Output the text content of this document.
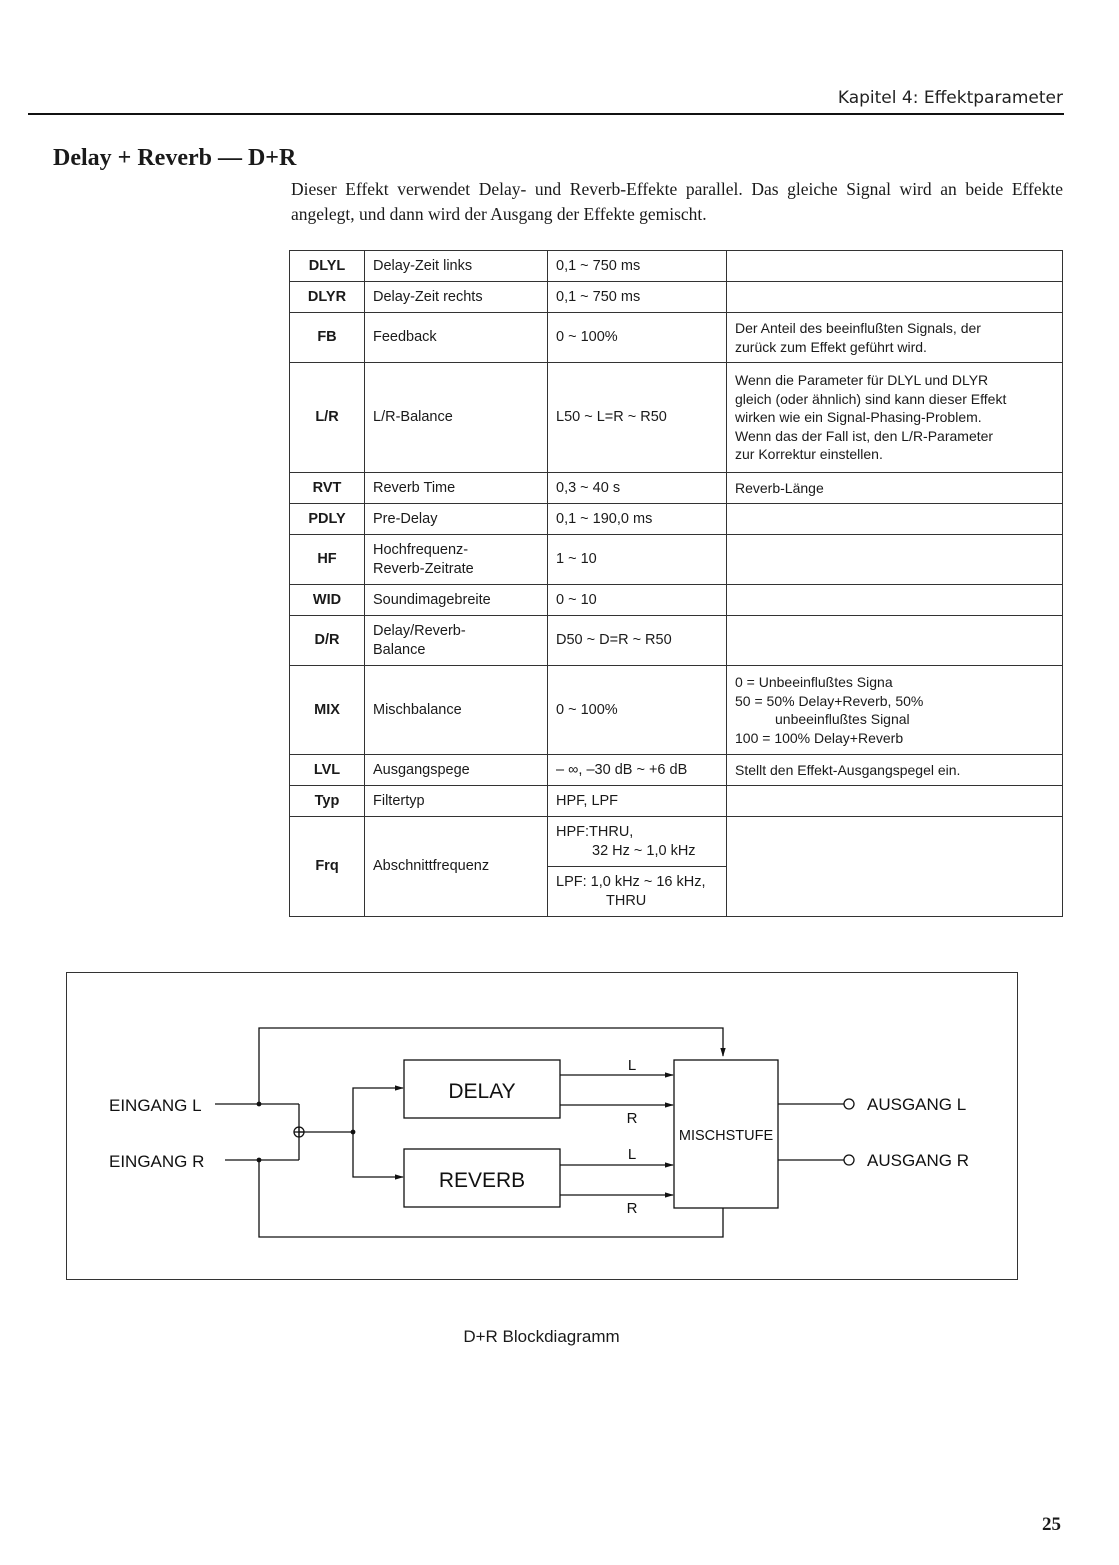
Kapitel 4: Effektparameter
Delay + Reverb — D+R

Dieser Effekt verwendet Delay- und Reverb-Effekte parallel. Das gleiche Signal wird an beide Effekte angelegt, und dann wird der Ausgang der Effekte gemischt.

DLYL	Delay-Zeit links	0,1 ~ 750 ms	

DLYR	Delay-Zeit rechts	0,1 ~ 750 ms	

FB	Feedback	0 ~ 100%	Der Anteil des beeinflußten Signals, der
zurück zum Effekt geführt wird.

L/R	L/R-Balance	L50 ~ L=R ~ R50	Wenn die Parameter für DLYL und DLYR
gleich (oder ähnlich) sind kann dieser Effekt
wirken wie ein Signal-Phasing-Problem.
Wenn das der Fall ist, den L/R-Parameter
zur Korrektur einstellen.

RVT	Reverb Time	0,3 ~ 40 s	Reverb-Länge

PDLY	Pre-Delay	0,1 ~ 190,0 ms	

HF	Hochfrequenz-
Reverb-Zeitrate	1 ~ 10	

WID	Soundimagebreite	0 ~ 10	

D/R	Delay/Reverb-
Balance	D50 ~ D=R ~ R50	

MIX	Mischbalance	0 ~ 100%	0 = Unbeeinflußtes Signa
50 = 50% Delay+Reverb, 50%
unbeeinflußtes Signal
100 = 100% Delay+Reverb

LVL	Ausgangspege	– ∞, –30 dB ~ +6 dB	Stellt den Effekt-Ausgangspegel ein.

Typ	Filtertyp	HPF, LPF	

Frq	Abschnittfrequenz	HPF:THRU,
32 Hz ~ 1,0 kHz	

		LPF: 1,0 kHz ~ 16 kHz,
THRU	
EINGANG L
EINGANG R
DELAY
REVERB
MISCHSTUFE
AUSGANG L
AUSGANG R
L
R
L
R
D+R Blockdiagramm
25
